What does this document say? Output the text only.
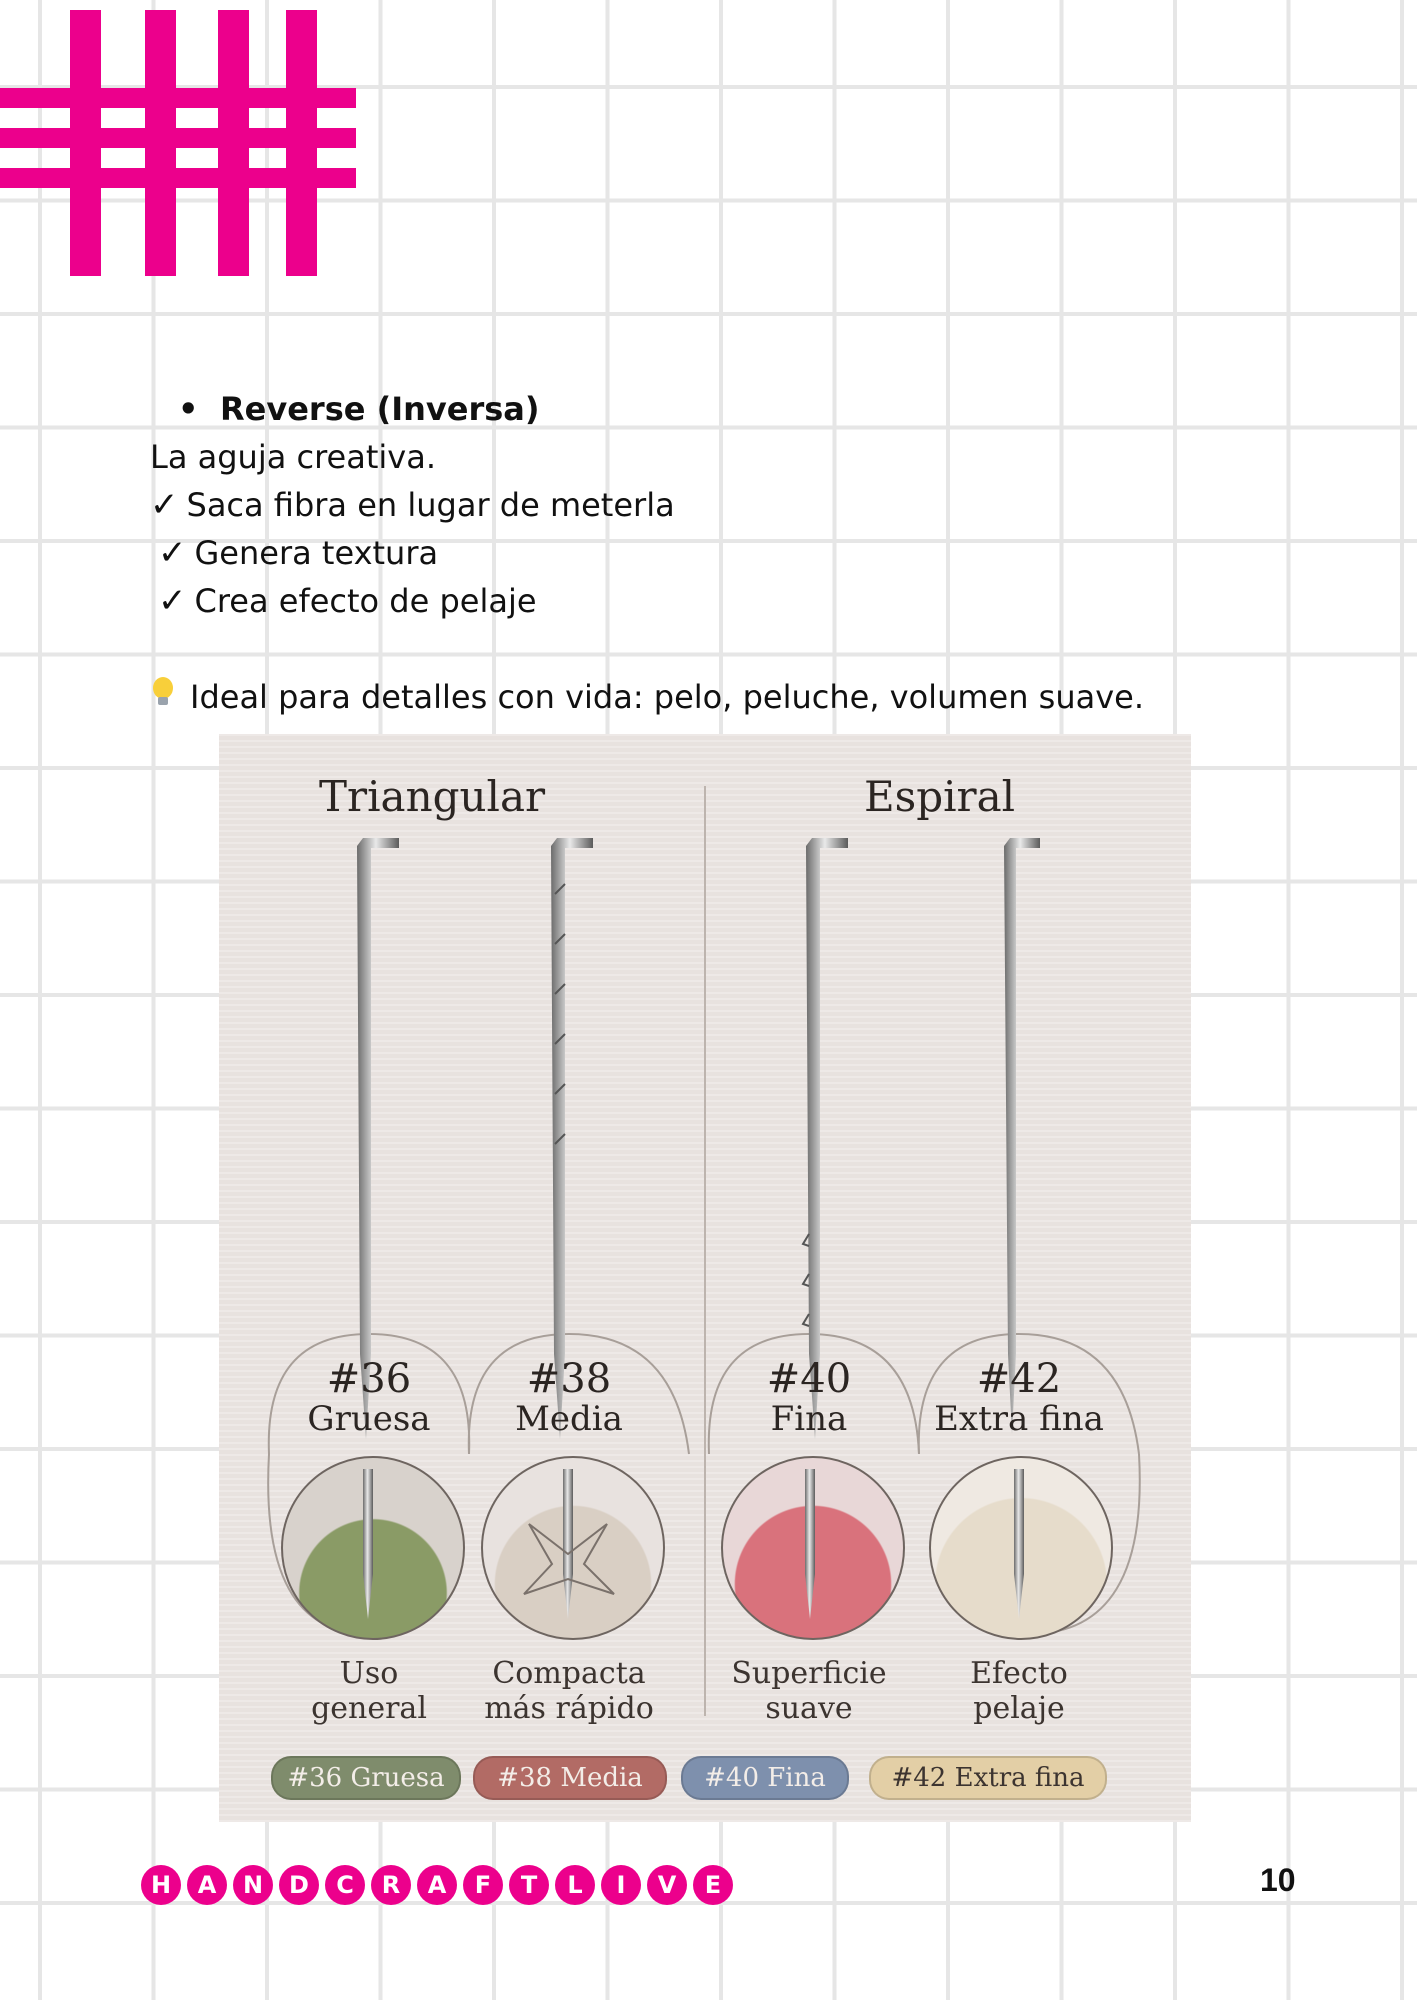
• Reverse (Inversa)
La aguja creativa.
✓ Saca fibra en lugar de meterla
✓ Genera textura
✓ Crea efecto de pelaje
Ideal para detalles con vida: pelo, peluche, volumen suave.
Triangular	Espiral
#36
Gruesa
#38
Media
#40
Fina
#42
Extra fina
Uso
general
Compacta
más rápido
Superficie
suave
Efecto
pelaje
#36 Gruesa	#38 Media	#40 Fina	#42 Extra fina
H	A	N	D	C	R	A	F	T	L	I	V	E	10
